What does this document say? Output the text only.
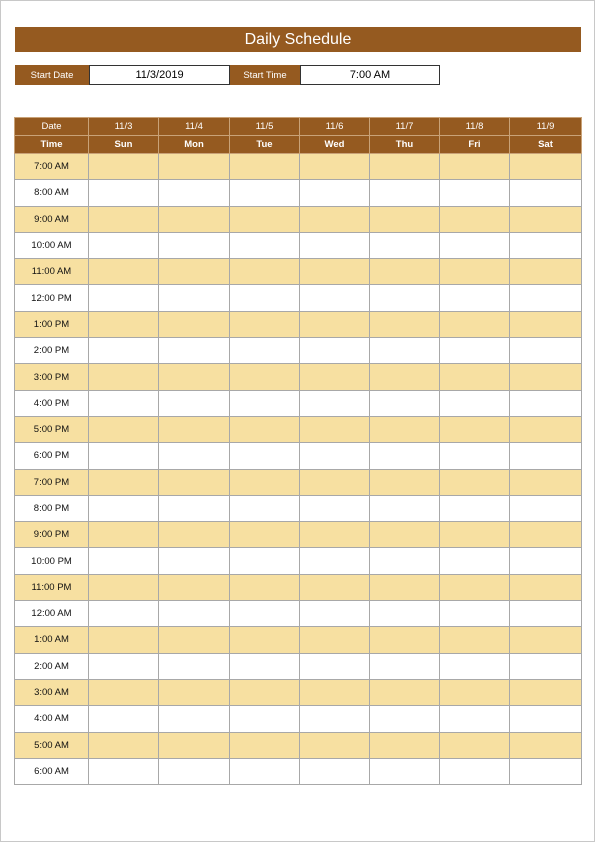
Daily Schedule
Start Date	11/3/2019	Start Time	7:00 AM
Date	11/3	11/4	11/5	11/6	11/7	11/8	11/9
Time	Sun	Mon	Tue	Wed	Thu	Fri	Sat
7:00 AM							
8:00 AM							
9:00 AM							
10:00 AM							
11:00 AM							
12:00 PM							
1:00 PM							
2:00 PM							
3:00 PM							
4:00 PM							
5:00 PM							
6:00 PM							
7:00 PM							
8:00 PM							
9:00 PM							
10:00 PM							
11:00 PM							
12:00 AM							
1:00 AM							
2:00 AM							
3:00 AM							
4:00 AM							
5:00 AM							
6:00 AM							
